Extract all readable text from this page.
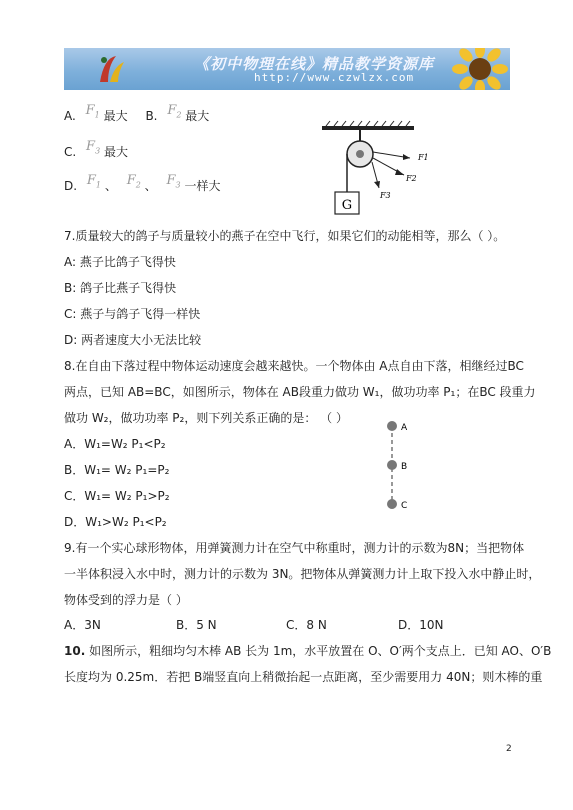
《初中物理在线》精品教学资源库
http://www.czwlzx.com
A. $F_1$ 最大 B. $F_2$ 最大
C. $F_3$ 最大
D. $F_1$ 、 $F_2$ 、 $F_3$ 一样大
G
F1
F2
F3
7.质量较大的鸽子与质量较小的燕子在空中飞行，如果它们的动能相等，那么（ ）。
A: 燕子比鸽子飞得快
B: 鸽子比燕子飞得快
C: 燕子与鸽子飞得一样快
D: 两者速度大小无法比较
8.在自由下落过程中物体运动速度会越来越快。一个物体由 A点自由下落，相继经过BC
两点，已知 AB=BC，如图所示，物体在 AB段重力做功 W₁，做功功率 P₁；在BC 段重力
做功 W₂，做功功率 P₂，则下列关系正确的是： （ ）
A．W₁=W₂ P₁<P₂
B．W₁= W₂ P₁=P₂
C．W₁= W₂ P₁>P₂
D．W₁>W₂ P₁<P₂
A
B
C
9.有一个实心球形物体，用弹簧测力计在空气中称重时，测力计的示数为8N；当把物体
一半体积浸入水中时，测力计的示数为 3N。把物体从弹簧测力计上取下投入水中静止时，
物体受到的浮力是（ ）
A．3N	B．5 N	C．8 N	D．10N
10. 如图所示，粗细均匀木棒 AB 长为 1m，水平放置在 O、O′两个支点上．已知 AO、O′B
长度均为 0.25m．若把 B端竖直向上稍微抬起一点距离，至少需要用力 40N；则木棒的重
2
